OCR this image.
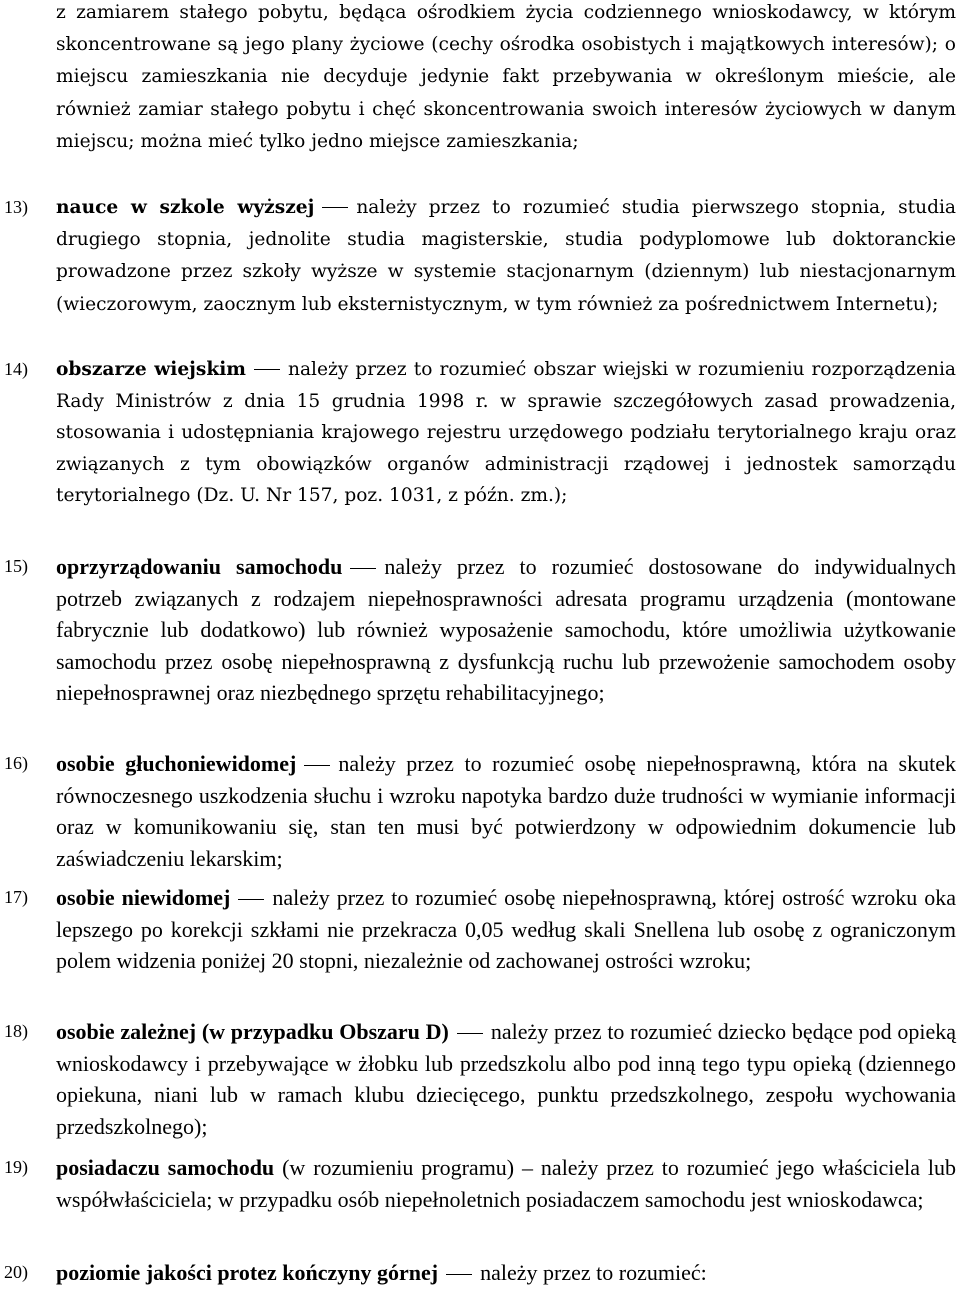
z zamiarem stałego pobytu, będąca ośrodkiem życia codziennego wnioskodawcy, w którym skoncentrowane są jego plany życiowe (cechy ośrodka osobistych i majątkowych interesów); o miejscu zamieszkania nie decyduje jedynie fakt przebywania w określonym mieście, ale również zamiar stałego pobytu i chęć skoncentrowania swoich interesów życiowych w danym miejscu; można mieć tylko jedno miejsce zamieszkania;
13) nauce w szkole wyższej należy przez to rozumieć studia pierwszego stopnia, studia drugiego stopnia, jednolite studia magisterskie, studia podyplomowe lub doktoranckie prowadzone przez szkoły wyższe w systemie stacjonarnym (dziennym) lub niestacjonarnym (wieczorowym, zaocznym lub eksternistycznym, w tym również za pośrednictwem Internetu);
14) obszarze wiejskim należy przez to rozumieć obszar wiejski w rozumieniu rozporządzenia Rady Ministrów z dnia 15 grudnia 1998 r. w sprawie szczegółowych zasad prowadzenia, stosowania i udostępniania krajowego rejestru urzędowego podziału terytorialnego kraju oraz związanych z tym obowiązków organów administracji rządowej i jednostek samorządu terytorialnego (Dz. U. Nr 157, poz. 1031, z późn. zm.);
15) oprzyrządowaniu samochodu należy przez to rozumieć dostosowane do indywidualnych potrzeb związanych z rodzajem niepełnosprawności adresata programu urządzenia (montowane fabrycznie lub dodatkowo) lub również wyposażenie samochodu, które umożliwia użytkowanie samochodu przez osobę niepełnosprawną z dysfunkcją ruchu lub przewożenie samochodem osoby niepełnosprawnej oraz niezbędnego sprzętu rehabilitacyjnego;
16) osobie głuchoniewidomej należy przez to rozumieć osobę niepełnosprawną, która na skutek równoczesnego uszkodzenia słuchu i wzroku napotyka bardzo duże trudności w wymianie informacji oraz w komunikowaniu się, stan ten musi być potwierdzony w odpowiednim dokumencie lub zaświadczeniu lekarskim;
17) osobie niewidomej należy przez to rozumieć osobę niepełnosprawną, której ostrość wzroku oka lepszego po korekcji szkłami nie przekracza 0,05 według skali Snellena lub osobę z ograniczonym polem widzenia poniżej 20 stopni, niezależnie od zachowanej ostrości wzroku;
18) osobie zależnej (w przypadku Obszaru D) należy przez to rozumieć dziecko będące pod opieką wnioskodawcy i przebywające w żłobku lub przedszkolu albo pod inną tego typu opieką (dziennego opiekuna, niani lub w ramach klubu dziecięcego, punktu przedszkolnego, zespołu wychowania przedszkolnego);
19) posiadaczu samochodu (w rozumieniu programu) – należy przez to rozumieć jego właściciela lub współwłaściciela; w przypadku osób niepełnoletnich posiadaczem samochodu jest wnioskodawca;
20) poziomie jakości protez kończyny górnej należy przez to rozumieć:
